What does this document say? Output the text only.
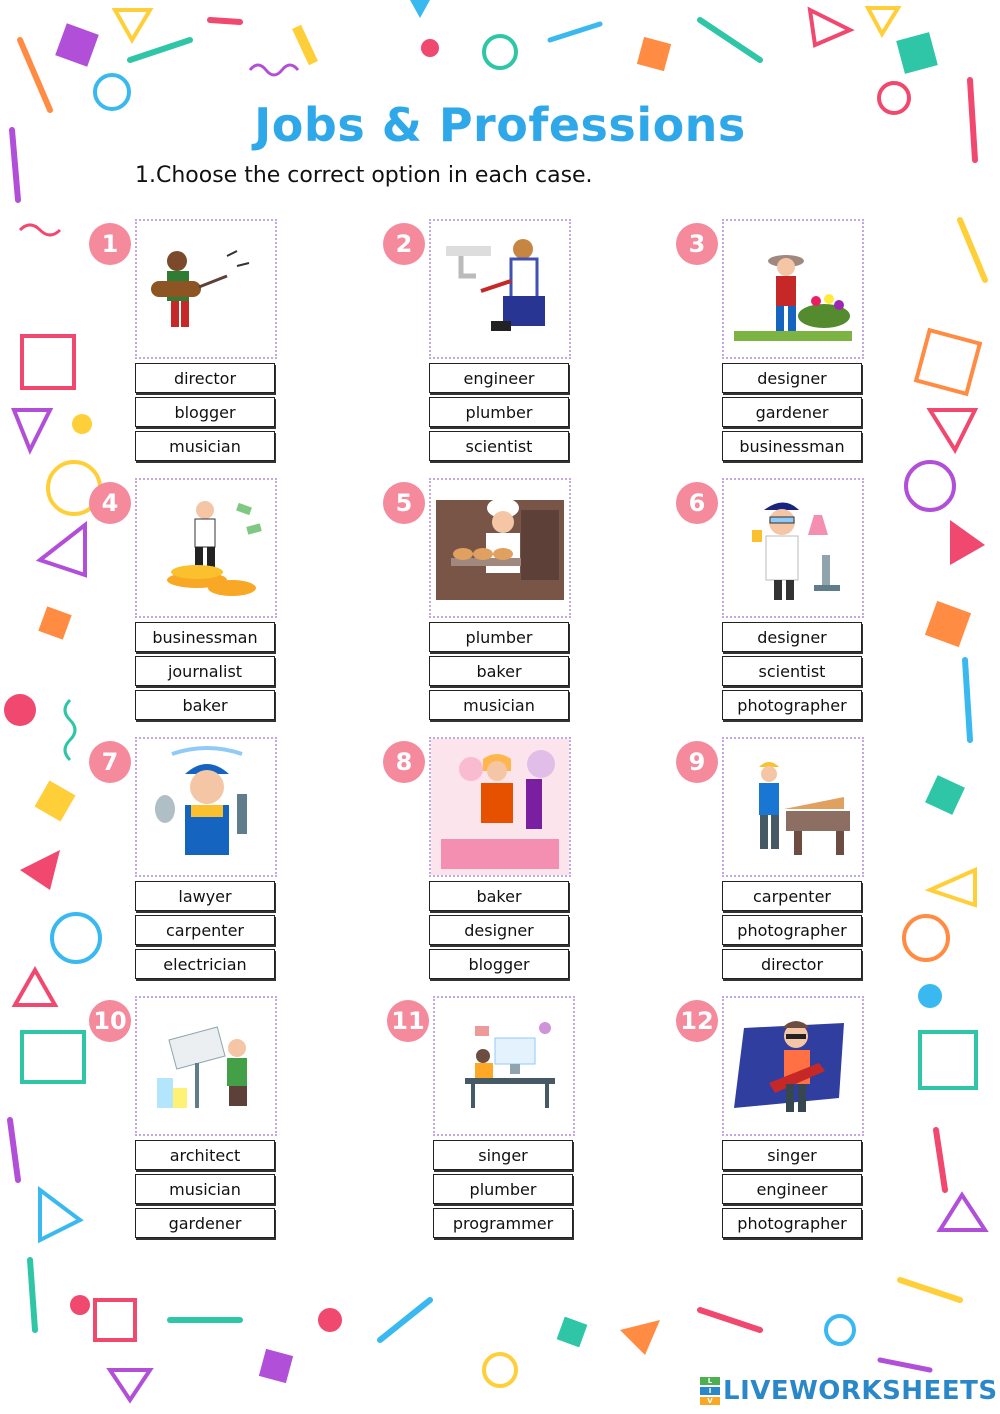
Jobs & Professions
1.Choose the correct option in each case.
1
director
blogger
musician
2
engineer
plumber
scientist
3
designer
gardener
businessman
4
businessman
journalist
baker
5
plumber
baker
musician
6
designer
scientist
photographer
7
lawyer
carpenter
electrician
8
baker
designer
blogger
9
carpenter
photographer
director
10
architect
musician
gardener
11
singer
plumber
programmer
12
singer
engineer
photographer
L
I
V LIVEWORKSHEETS
